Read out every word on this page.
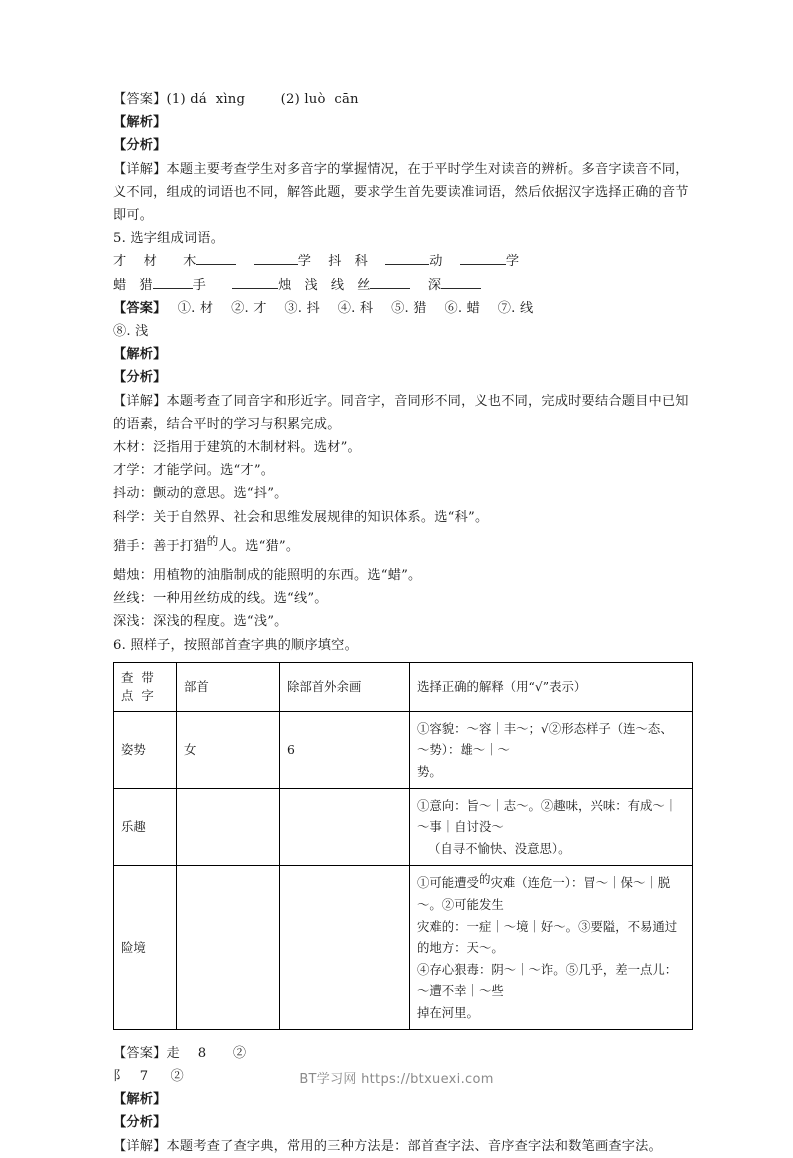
【答案】(1) dá  xìng　　  (2) luò  cān
【解析】
【分析】
【详解】本题主要考查学生对多音字的掌握情况，在于平时学生对读音的辨析。多音字读音不同，义不同，组成的词语也不同，解答此题，要求学生首先要读准词语，然后依据汉字选择正确的音节即可。
5. 选字组成词语。
才　 材　　 木　	学　 抖　 科　	动　	学
蜡　 猎	手　　	烛　 浅　 线　 丝　	深
【答案】　 ①. 材　 ②. 才　 ③. 抖　 ④. 科　 ⑤. 猎　 ⑥. 蜡　 ⑦. 线
⑧. 浅
【解析】
【分析】
【详解】本题考查了同音字和形近字。同音字，音同形不同，义也不同，完成时要结合题目中已知的语素，结合平时的学习与积累完成。
木材：泛指用于建筑的木制材料。选材”。
才学：才能学问。选“才”。
抖动：颤动的意思。选“抖”。
科学：关于自然界、社会和思维发展规律的知识体系。选“科”。
猎手：善于打猎的人。选“猎”。
蜡烛：用植物的油脂制成的能照明的东西。选“蜡”。
丝线：一种用丝纺成的线。选“线”。
深浅：深浅的程度。选“浅”。
6. 照样子，按照部首查字典的顺序填空。
查 带
点 字	部首	除部首外余画	选择正确的解释（用“√”表示）
姿势	女	6	①容貌：～容｜丰～；√②形态样子（连～态、～势）：雄～｜～
势。

乐趣			①意向：旨～｜志～。②趣味，兴味：有成～｜～事｜自讨没～
（自寻不愉快、没意思）。

险境			①可能遭受的灾难（连危一）：冒～｜保～｜脱～。②可能发生
灾难的：一症｜～境｜好～。③要隘，不易通过的地方：天～。
④存心狠毒：阴～｜～诈。⑤几乎，差一点儿：～遭不幸｜～些
掉在河里。
【答案】走　 8　   ②
阝　7　  ②
【解析】
【分析】
【详解】本题考查了查字典，常用的三种方法是：部首查字法、音序查字法和数笔画查字法。
BT学习网 https://btxuexi.com
